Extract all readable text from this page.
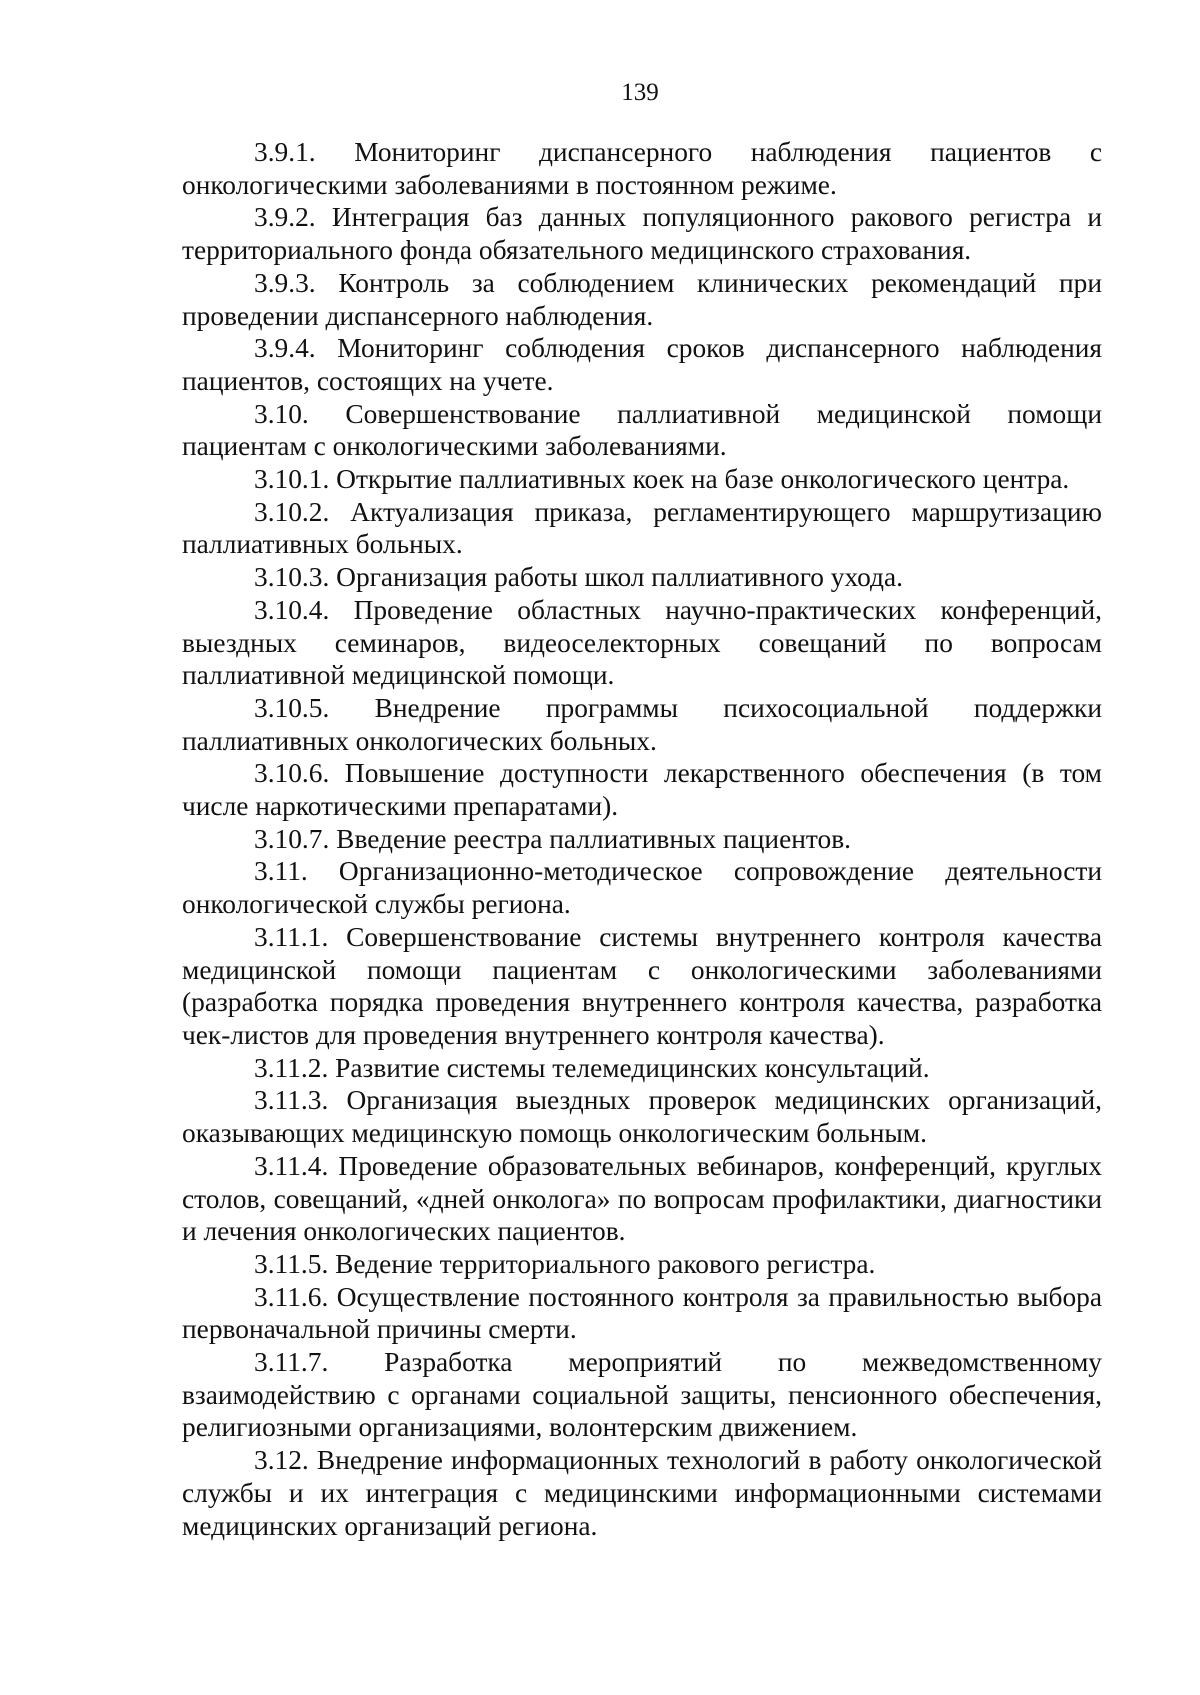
139

3.9.1. Мониторинг диспансерного наблюдения пациентов с онкологическими заболеваниями в постоянном режиме.

3.9.2. Интеграция баз данных популяционного ракового регистра и территориального фонда обязательного медицинского страхования.

3.9.3. Контроль за соблюдением клинических рекомендаций при проведении диспансерного наблюдения.

3.9.4. Мониторинг соблюдения сроков диспансерного наблюдения пациентов, состоящих на учете.

3.10. Совершенствование паллиативной медицинской помощи пациентам с онкологическими заболеваниями.

3.10.1. Открытие паллиативных коек на базе онкологического центра.

3.10.2. Актуализация приказа, регламентирующего маршрутизацию паллиативных больных.

3.10.3. Организация работы школ паллиативного ухода.

3.10.4. Проведение областных научно-практических конференций, выездных семинаров, видеоселекторных совещаний по вопросам паллиативной медицинской помощи.

3.10.5. Внедрение программы психосоциальной поддержки паллиативных онкологических больных.

3.10.6. Повышение доступности лекарственного обеспечения (в том числе наркотическими препаратами).

3.10.7. Введение реестра паллиативных пациентов.

3.11. Организационно-методическое сопровождение деятельности онкологической службы региона.

3.11.1. Совершенствование системы внутреннего контроля качества медицинской помощи пациентам с онкологическими заболеваниями (разработка порядка проведения внутреннего контроля качества, разработка чек-листов для проведения внутреннего контроля качества).

3.11.2. Развитие системы телемедицинских консультаций.

3.11.3. Организация выездных проверок медицинских организаций, оказывающих медицинскую помощь онкологическим больным.

3.11.4. Проведение образовательных вебинаров, конференций, круглых столов, совещаний, «дней онколога» по вопросам профилактики, диагностики и лечения онкологических пациентов.

3.11.5. Ведение территориального ракового регистра.

3.11.6. Осуществление постоянного контроля за правильностью выбора первоначальной причины смерти.

3.11.7. Разработка мероприятий по межведомственному взаимодействию с органами социальной защиты, пенсионного обеспечения, религиозными организациями, волонтерским движением.

3.12. Внедрение информационных технологий в работу онкологической службы и их интеграция с медицинскими информационными системами медицинских организаций региона.
